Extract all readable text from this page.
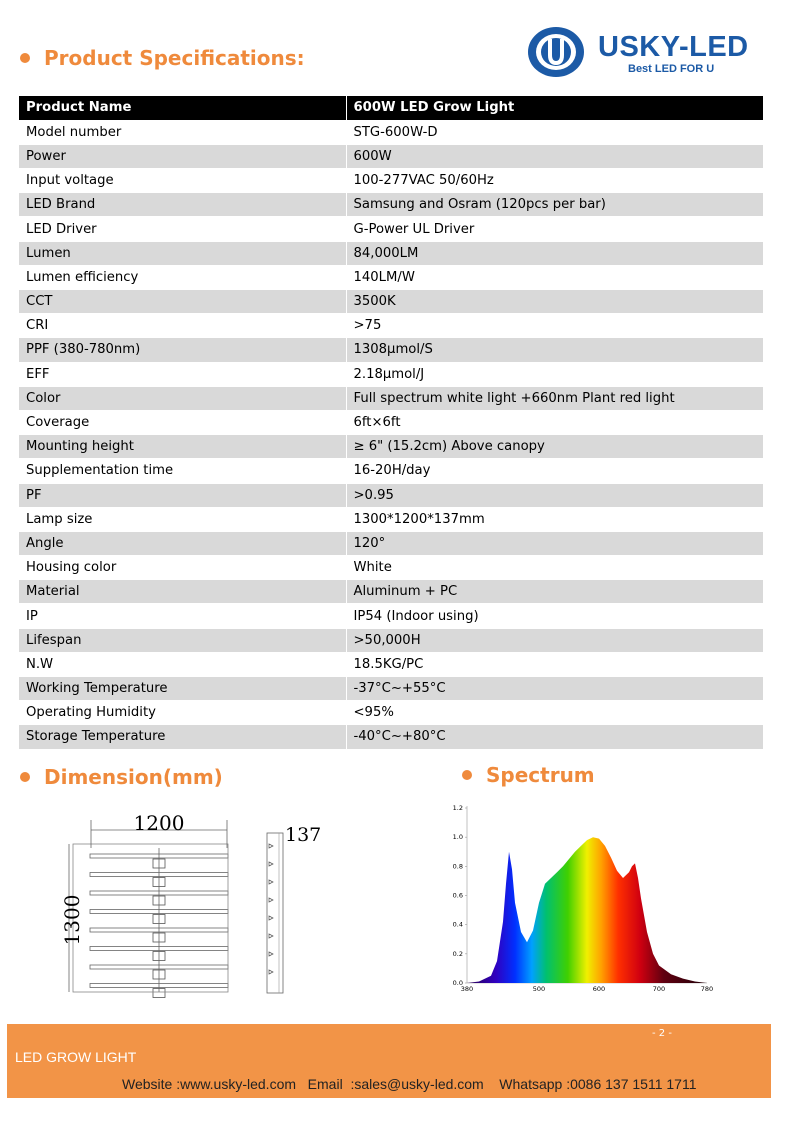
Product Specifications:	USKY-LED
Best LED FOR U
Product Name	600W LED Grow Light
Model number	STG-600W-D
Power	600W
Input voltage	100-277VAC 50/60Hz
LED Brand	Samsung and Osram (120pcs per bar)
LED Driver	G-Power UL Driver
Lumen	84,000LM
Lumen efficiency	140LM/W
CCT	3500K
CRI	>75
PPF (380-780nm)	1308μmol/S
EFF	2.18μmol/J
Color	Full spectrum white light +660nm Plant red light
Coverage	6ft×6ft
Mounting height	≥ 6" (15.2cm) Above canopy
Supplementation time	16-20H/day
PF	>0.95
Lamp size	1300*1200*137mm
Angle	120°
Housing color	White
Material	Aluminum + PC
IP	IP54 (Indoor using)
Lifespan	>50,000H
N.W	18.5KG/PC
Working Temperature	-37°C~+55°C
Operating Humidity	<95%
Storage Temperature	-40°C~+80°C
Dimension(mm)
1200
1300
137
Spectrum
0.0
0.2
0.4
0.6
0.8
1.0
1.2
380	500	600	700	780
- 2 -
LED GROW LIGHT
Website :www.usky-led.com   Email  :sales@usky-led.com    Whatsapp :0086 137 1511 1711
